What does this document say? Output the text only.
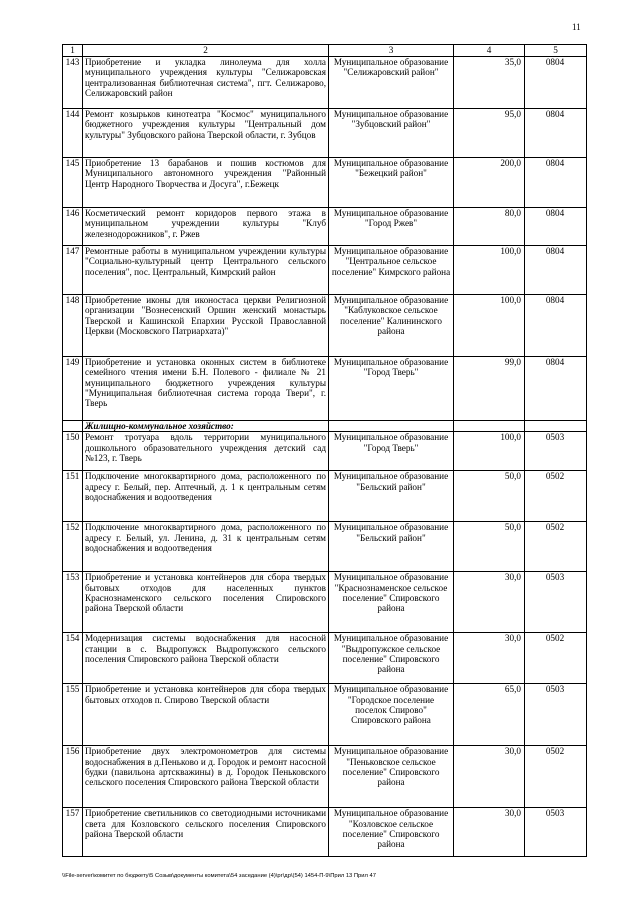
11
1	2	3	4	5
143	Приобретение и укладка линолеума для холла муниципального учреждения культуры "Селижаровская централизованная библиотечная система", пгт. Селижарово, Селижаровский район	Муниципальное образование "Селижаровский район"	35,0	0804
144	Ремонт козырьков кинотеатра "Космос" муниципального бюджетного учреждения культуры "Центральный дом культуры" Зубцовского района Тверской области, г. Зубцов	Муниципальное образование "Зубцовский район"	95,0	0804
145	Приобретение 13 барабанов и пошив костюмов для Муниципального автономного учреждения "Районный Центр Народного Творчества и Досуга", г.Бежецк	Муниципальное образование "Бежецкий район"	200,0	0804
146	Косметический ремонт коридоров первого этажа в муниципальном учреждении культуры "Клуб железнодорожников", г. Ржев	Муниципальное образование "Город Ржев"	80,0	0804
147	Ремонтные работы в муниципальном учреждении культуры "Социально-культурный центр Центрального сельского поселения", пос. Центральный, Кимрский район	Муниципальное образование "Центральное сельское поселение" Кимрского района	100,0	0804
148	Приобретение иконы для иконостаса церкви Религиозной организации "Вознесенский Оршин женский монастырь Тверской и Кашинской Епархии Русской Православной Церкви (Московского Патриархата)"	Муниципальное образование "Каблуковское сельское поселение" Калининского района	100,0	0804
149	Приобретение и установка оконных систем в библиотеке семейного чтения имени Б.Н. Полевого - филиале № 21 муниципального бюджетного учреждения культуры "Муниципальная библиотечная система города Твери", г. Тверь	Муниципальное образование "Город Тверь"	99,0	0804
	Жилищно-коммунальное хозяйство:			
150	Ремонт тротуара вдоль территории муниципального дошкольного образовательного учреждения детский сад №123, г. Тверь	Муниципальное образование "Город Тверь"	100,0	0503
151	Подключение многоквартирного дома, расположенного по адресу г. Белый, пер. Аптечный, д. 1 к центральным сетям водоснабжения и водоотведения	Муниципальное образование "Бельский район"	50,0	0502
152	Подключение многоквартирного дома, расположенного по адресу г. Белый, ул. Ленина, д. 31 к центральным сетям водоснабжения и водоотведения	Муниципальное образование "Бельский район"	50,0	0502
153	Приобретение и установка контейнеров для сбора твердых бытовых отходов для населенных пунктов Краснознаменского сельского поселения Спировского района Тверской области	Муниципальное образование "Краснознаменское сельское поселение" Спировского района	30,0	0503
154	Модернизация системы водоснабжения для насосной станции в с. Выдропужск Выдропужского сельского поселения Спировского района Тверской области	Муниципальное образование "Выдропужское сельское поселение" Спировского района	30,0	0502
155	Приобретение и установка контейнеров для сбора твердых бытовых отходов п. Спирово Тверской области	Муниципальное образование "Городское поселение поселок Спирово" Спировского района	65,0	0503
156	Приобретение двух электромонометров для системы водоснабжения в д.Пеньково и д. Городок и ремонт насосной будки (павильона артскважины) в д. Городок Пеньковского сельского поселения Спировского района Тверской области	Муниципальное образование "Пеньковское сельское поселение" Спировского района	30,0	0502
157	Приобретение светильников со светодиодными источниками света для Козловского сельского поселения Спировского района Тверской области	Муниципальное образование "Козловское сельское поселение" Спировского района	30,0	0503
\\File-server\комитет по бюджету\5 Созыв\документы комитета\54 заседание (4)\рг\др\(54) 1454-П-9\Прил 13 Прил 47
